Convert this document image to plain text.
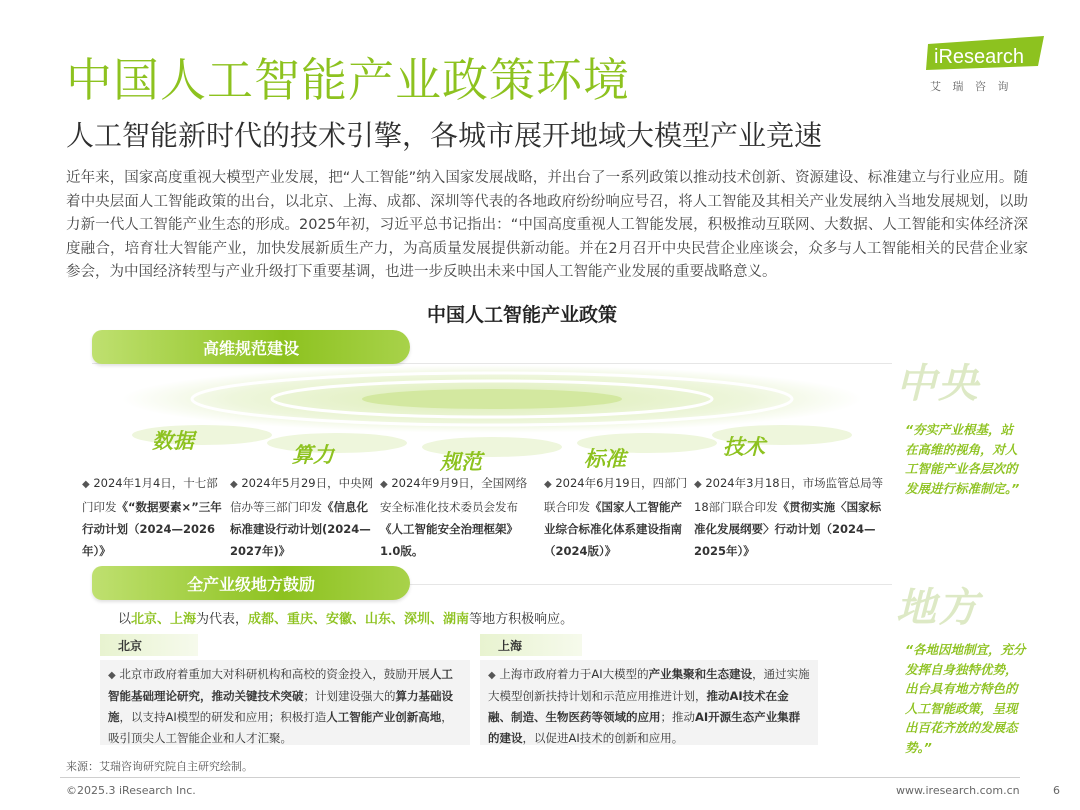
中国人工智能产业政策环境
人工智能新时代的技术引擎，各城市展开地域大模型产业竞速
近年来，国家高度重视大模型产业发展，把“人工智能”纳入国家发展战略，并出台了一系列政策以推动技术创新、资源建设、标准建立与行业应用。随着中央层面人工智能政策的出台，以北京、上海、成都、深圳等代表的各地政府纷纷响应号召，将人工智能及其相关产业发展纳入当地发展规划，以助力新一代人工智能产业生态的形成。2025年初，习近平总书记指出：“中国高度重视人工智能发展，积极推动互联网、大数据、人工智能和实体经济深度融合，培育壮大智能产业，加快发展新质生产力，为高质量发展提供新动能。并在2月召开中央民营企业座谈会，众多与人工智能相关的民营企业家参会，为中国经济转型与产业升级打下重要基调，也进一步反映出未来中国人工智能产业发展的重要战略意义。
iResearch
艾 瑞 咨 询
中国人工智能产业政策
高维规范建设
中央
“夯实产业根基，站在高维的视角，对人工智能产业各层次的发展进行标准制定。”
数据
算力	规范	标准	技术
◆ 2024年1月4日，十七部门印发《“数据要素×”三年行动计划（2024—2026年）》
◆ 2024年5月29日，中央网信办等三部门印发《信息化标准建设行动计划(2024—2027年)》
◆ 2024年9月9日，全国网络安全标准化技术委员会发布《人工智能安全治理框架》1.0版。
◆ 2024年6月19日，四部门联合印发《国家人工智能产业综合标准化体系建设指南（2024版）》
◆ 2024年3月18日，市场监管总局等18部门联合印发《贯彻实施〈国家标准化发展纲要〉行动计划（2024—2025年）》
全产业级地方鼓励
地方
“各地因地制宜，充分发挥自身独特优势，出台具有地方特色的人工智能政策，呈现出百花齐放的发展态势。”
以北京、上海为代表，成都、重庆、安徽、山东、深圳、湖南等地方积极响应。
北京
◆ 北京市政府着重加大对科研机构和高校的资金投入，鼓励开展人工智能基础理论研究，推动关键技术突破；计划建设强大的算力基础设施，以支持AI模型的研发和应用；积极打造人工智能产业创新高地，吸引顶尖人工智能企业和人才汇聚。
上海
◆ 上海市政府着力于AI大模型的产业集聚和生态建设，通过实施大模型创新扶持计划和示范应用推进计划，推动AI技术在金融、制造、生物医药等领域的应用；推动AI开源生态产业集群的建设，以促进AI技术的创新和应用。
来源：艾瑞咨询研究院自主研究绘制。
©2025.3 iResearch Inc.	www.iresearch.com.cn	6
